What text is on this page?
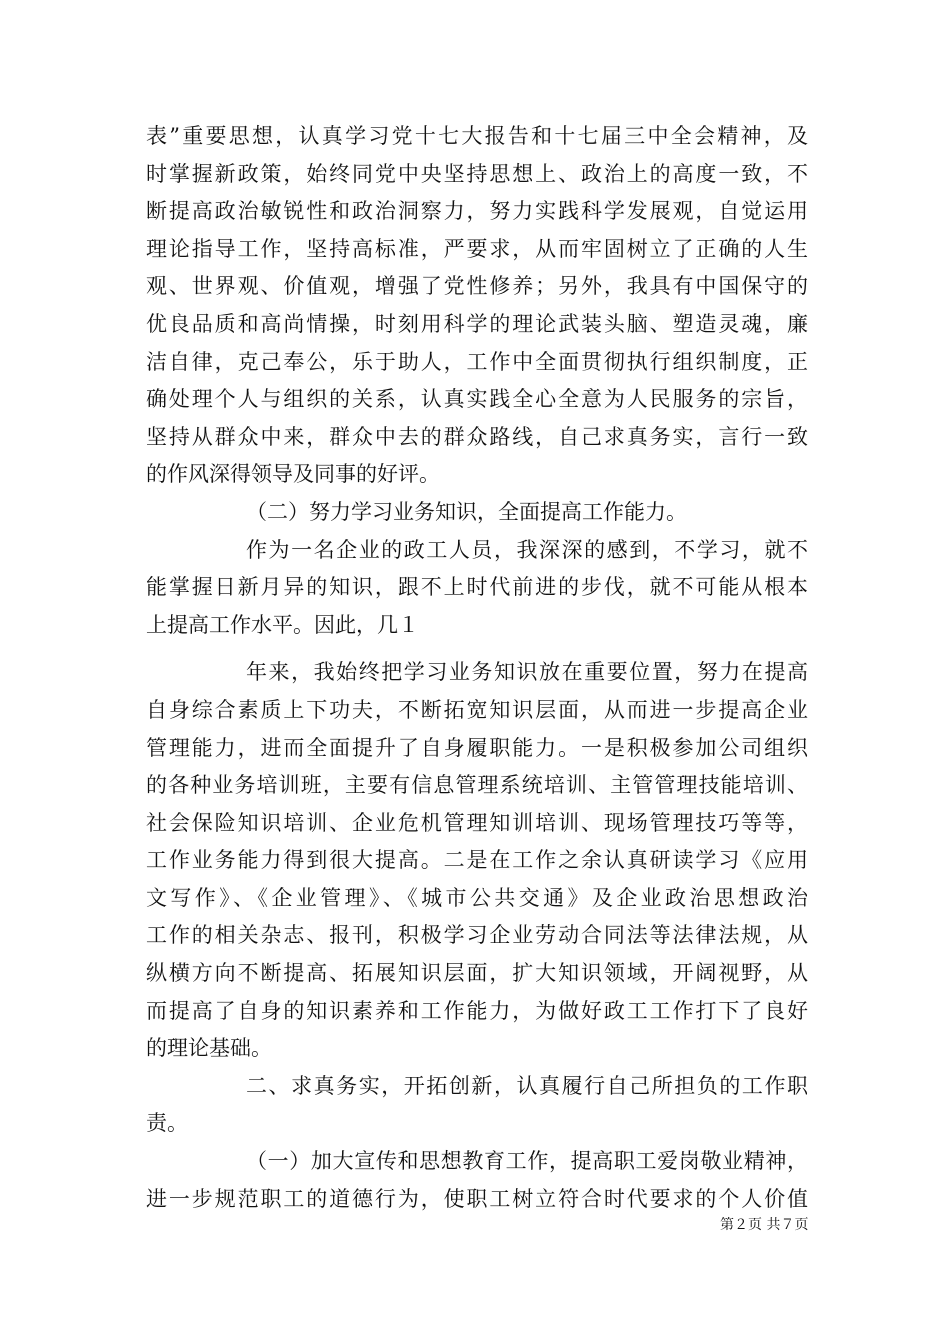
表”重要思想，认真学习党十七大报告和十七届三中全会精神，及
时掌握新政策，始终同党中央坚持思想上、政治上的高度一致，不
断提高政治敏锐性和政治洞察力，努力实践科学发展观，自觉运用
理论指导工作，坚持高标准，严要求，从而牢固树立了正确的人生
观、世界观、价值观，增强了党性修养；另外，我具有中国保守的
优良品质和高尚情操，时刻用科学的理论武装头脑、塑造灵魂，廉
洁自律，克己奉公，乐于助人，工作中全面贯彻执行组织制度，正
确处理个人与组织的关系，认真实践全心全意为人民服务的宗旨，
坚持从群众中来，群众中去的群众路线，自己求真务实，言行一致
的作风深得领导及同事的好评。
（二）努力学习业务知识，全面提高工作能力。
作为一名企业的政工人员，我深深的感到，不学习，就不
能掌握日新月异的知识，跟不上时代前进的步伐，就不可能从根本
上提高工作水平。因此，几１
年来，我始终把学习业务知识放在重要位置，努力在提高
自身综合素质上下功夫，不断拓宽知识层面，从而进一步提高企业
管理能力，进而全面提升了自身履职能力。一是积极参加公司组织
的各种业务培训班，主要有信息管理系统培训、主管管理技能培训、
社会保险知识培训、企业危机管理知训培训、现场管理技巧等等，
工作业务能力得到很大提高。二是在工作之余认真研读学习《应用
文写作》、《企业管理》、《城市公共交通》及企业政治思想政治
工作的相关杂志、报刊，积极学习企业劳动合同法等法律法规，从
纵横方向不断提高、拓展知识层面，扩大知识领域，开阔视野，从
而提高了自身的知识素养和工作能力，为做好政工工作打下了良好
的理论基础。
二、求真务实，开拓创新，认真履行自己所担负的工作职
责。
（一）加大宣传和思想教育工作，提高职工爱岗敬业精神，
进一步规范职工的道德行为，使职工树立符合时代要求的个人价值
第２页 共７页
